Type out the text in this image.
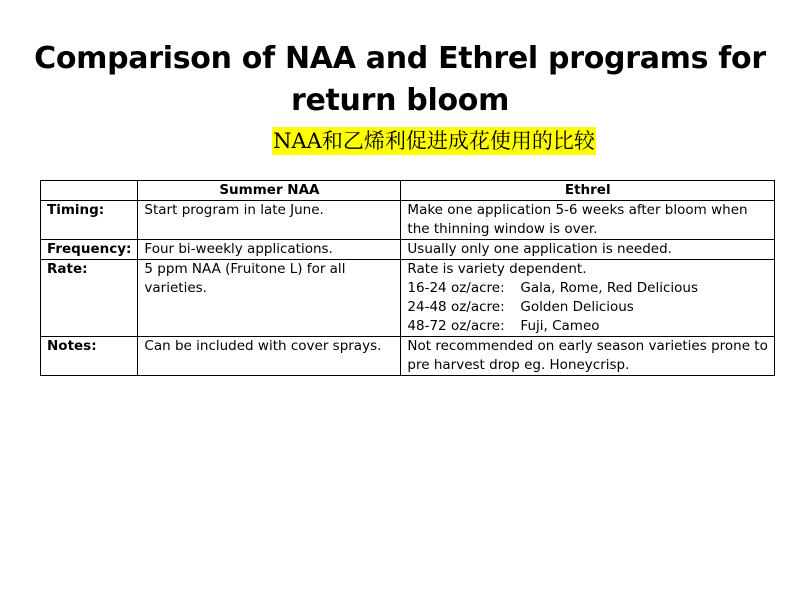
Comparison of NAA and Ethrel programs for return bloom
NAA和乙烯利促进成花使用的比较
	Summer NAA	Ethrel
Timing:	Start program in late June.	Make one application 5-6 weeks after bloom when the thinning window is over.
Frequency:	Four bi-weekly applications.	Usually only one application is needed.
Rate:	5 ppm NAA (Fruitone L) for all varieties.	Rate is variety dependent.
16-24 oz/acre: Gala, Rome, Red Delicious
24-48 oz/acre: Golden Delicious
48-72 oz/acre: Fuji, Cameo

Notes:	Can be included with cover sprays.	Not recommended on early season varieties prone to pre harvest drop eg. Honeycrisp.
